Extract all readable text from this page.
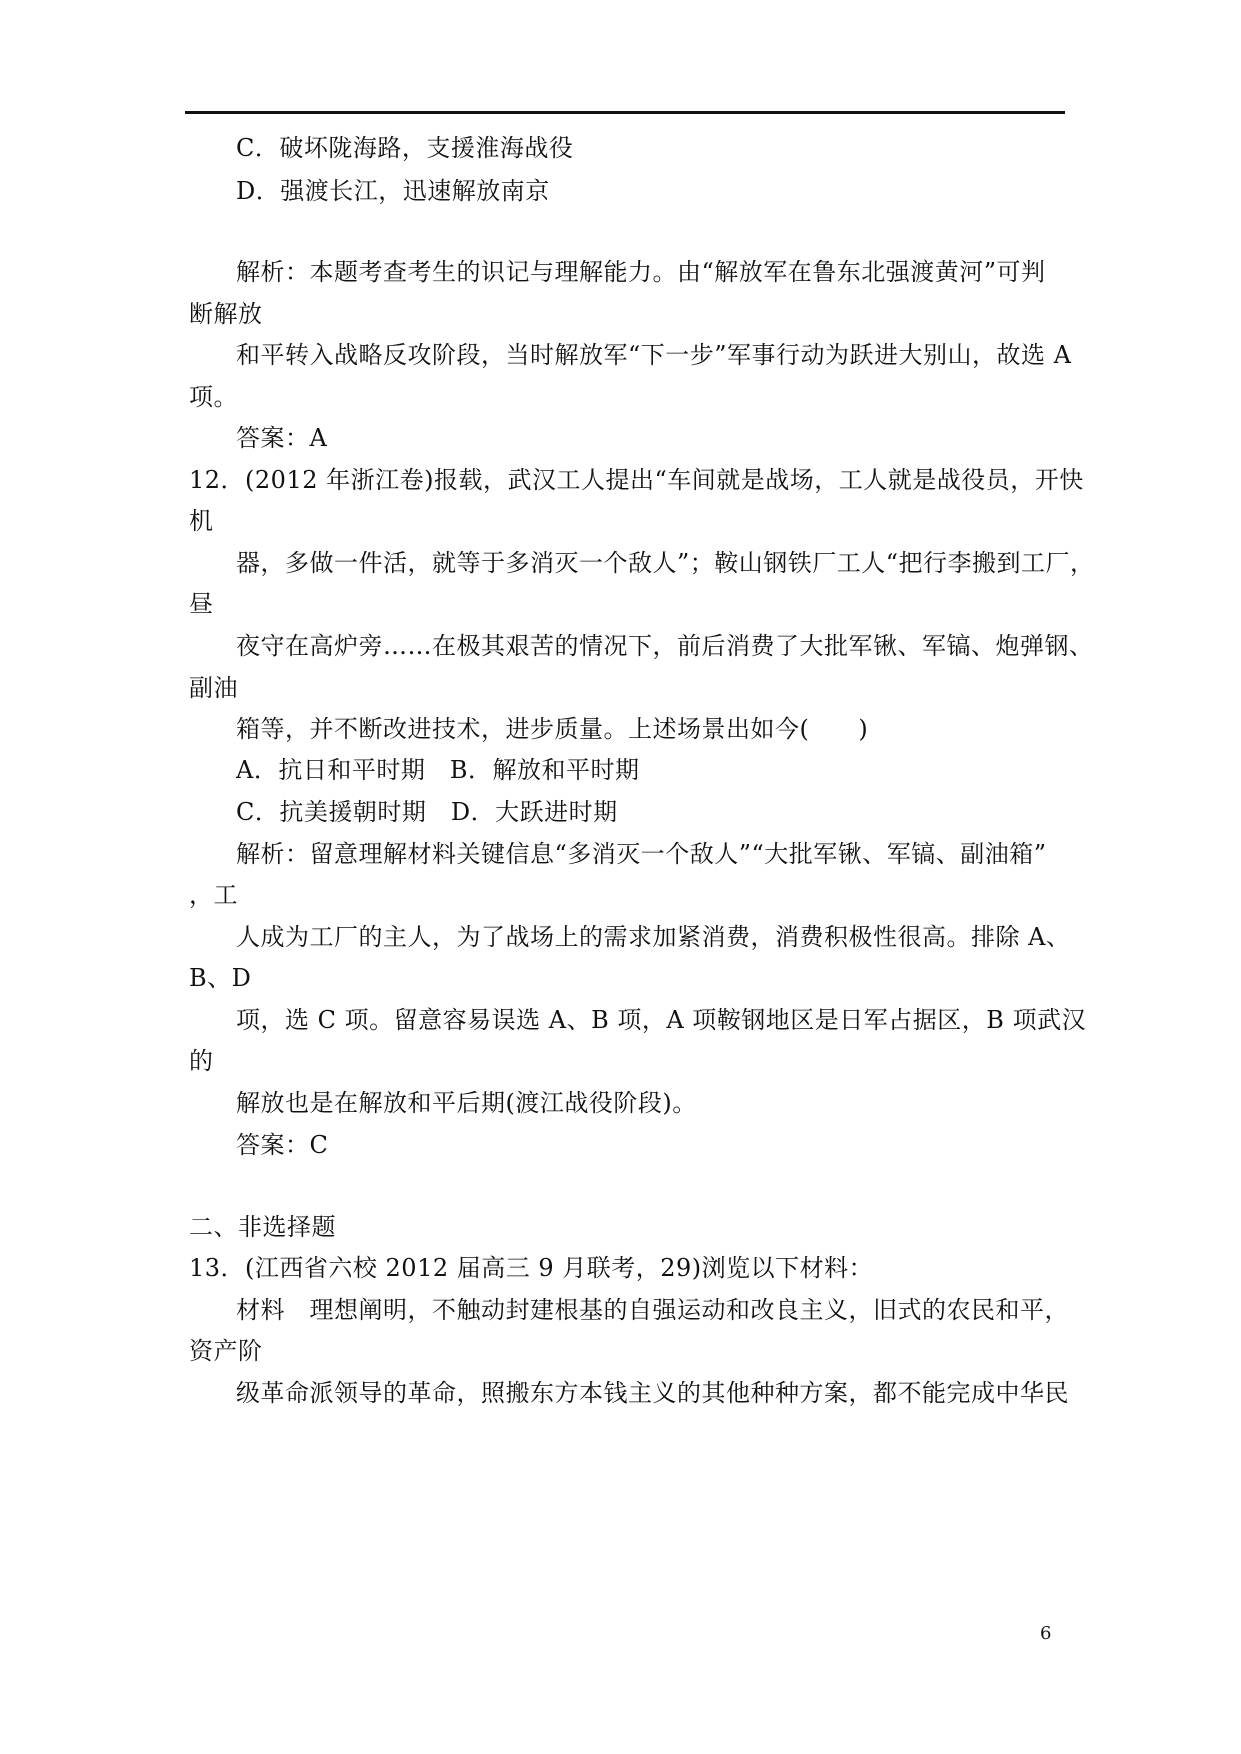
C．破坏陇海路，支援淮海战役
D．强渡长江，迅速解放南京
解析：本题考查考生的识记与理解能力。由“解放军在鲁东北强渡黄河”可判
断解放
和平转入战略反攻阶段，当时解放军“下一步”军事行动为跃进大别山，故选 A
项。
答案：A
12．(2012 年浙江卷)报载，武汉工人提出“车间就是战场，工人就是战役员，开快
机
器，多做一件活，就等于多消灭一个敌人”；鞍山钢铁厂工人“把行李搬到工厂，
昼
夜守在高炉旁……在极其艰苦的情况下，前后消费了大批军锹、军镐、炮弹钢、
副油
箱等，并不断改进技术，进步质量。上述场景出如今(　　)
A．抗日和平时期　B．解放和平时期
C．抗美援朝时期　D．大跃进时期
解析：留意理解材料关键信息“多消灭一个敌人”“大批军锹、军镐、副油箱”
，工
人成为工厂的主人，为了战场上的需求加紧消费，消费积极性很高。排除 A、
B、D
项，选 C 项。留意容易误选 A、B 项，A 项鞍钢地区是日军占据区，B 项武汉
的
解放也是在解放和平后期(渡江战役阶段)。
答案：C
二、非选择题
13．(江西省六校 2012 届高三 9 月联考，29)浏览以下材料：
材料　理想阐明，不触动封建根基的自强运动和改良主义，旧式的农民和平，
资产阶
级革命派领导的革命，照搬东方本钱主义的其他种种方案，都不能完成中华民
6
